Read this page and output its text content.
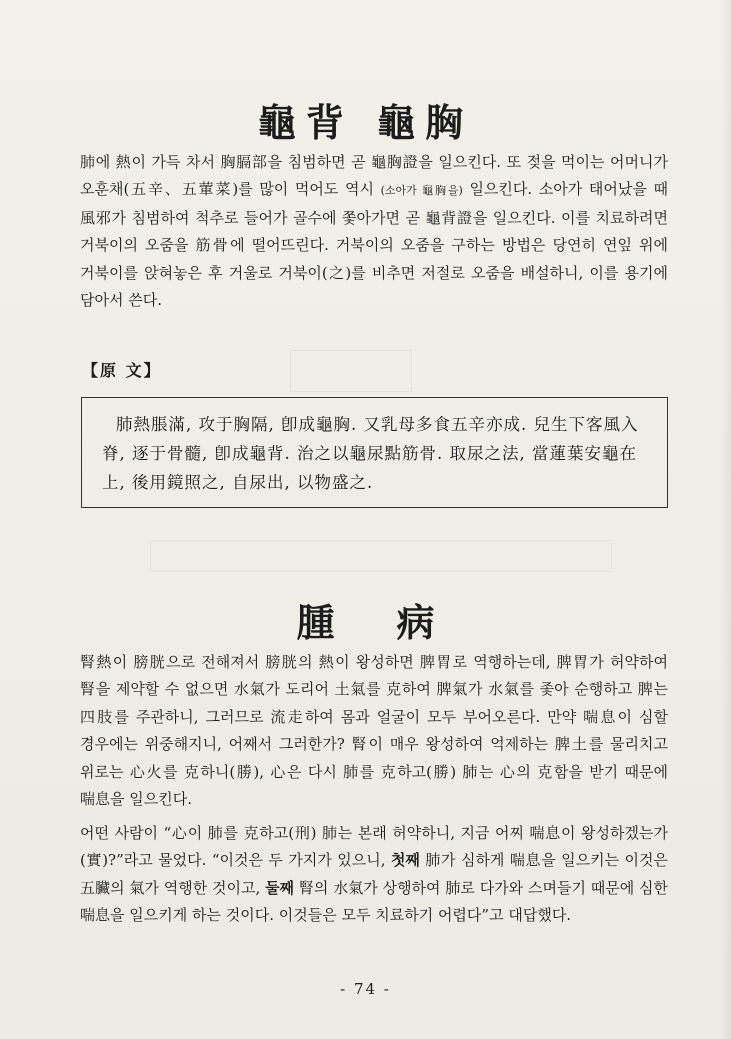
龜背 龜胸

肺에 熱이 가득 차서 胸膈部을 침범하면 곧 龜胸證을 일으킨다. 또 젖을 먹이는 어머니가 오훈채(五辛、五葷菜)를 많이 먹어도 역시 (소아가 龜胸을) 일으킨다. 소아가 태어났을 때 風邪가 침범하여 척추로 들어가 골수에 쫓아가면 곧 龜背證을 일으킨다. 이를 치료하려면 거북이의 오줌을 筋骨에 떨어뜨린다. 거북이의 오줌을 구하는 방법은 당연히 연잎 위에 거북이를 앉혀놓은 후 거울로 거북이(之)를 비추면 저절로 오줌을 배설하니, 이를 용기에 담아서 쓴다.

【原 文】

肺熱脹滿, 攻于胸隔, 卽成龜胸. 又乳母多食五辛亦成. 兒生下客風入脊, 逐于骨髓, 卽成龜背. 治之以龜尿點筋骨. 取尿之法, 當蓮葉安龜在上, 後用鏡照之, 自尿出, 以物盛之.

腫 病

腎熱이 膀胱으로 전해져서 膀胱의 熱이 왕성하면 脾胃로 역행하는데, 脾胃가 허약하여 腎을 제약할 수 없으면 水氣가 도리어 土氣를 克하여 脾氣가 水氣를 좇아 순행하고 脾는 四肢를 주관하니, 그러므로 流走하여 몸과 얼굴이 모두 부어오른다. 만약 喘息이 심할 경우에는 위중해지니, 어째서 그러한가? 腎이 매우 왕성하여 억제하는 脾土를 물리치고 위로는 心火를 克하니(勝), 心은 다시 肺를 克하고(勝) 肺는 心의 克함을 받기 때문에 喘息을 일으킨다.

어떤 사람이 “心이 肺를 克하고(刑) 肺는 본래 허약하니, 지금 어찌 喘息이 왕성하겠는가(實)?”라고 물었다. “이것은 두 가지가 있으니, 첫째 肺가 심하게 喘息을 일으키는 이것은 五臟의 氣가 역행한 것이고, 둘째 腎의 水氣가 상행하여 肺로 다가와 스며들기 때문에 심한 喘息을 일으키게 하는 것이다. 이것들은 모두 치료하기 어렵다”고 대답했다.

- 74 -
